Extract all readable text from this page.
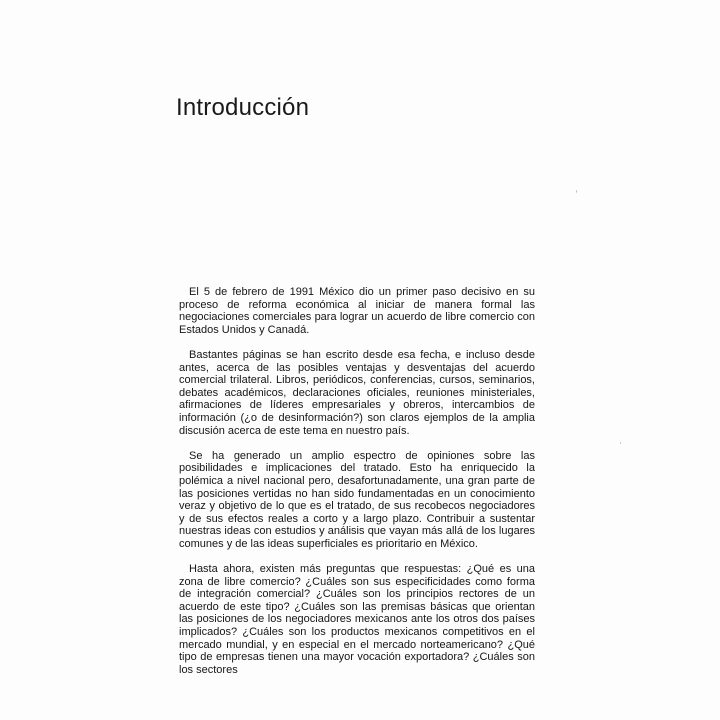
Introducción

El 5 de febrero de 1991 México dio un primer paso decisivo en su proceso de reforma económica al iniciar de manera formal las negociaciones comerciales para lograr un acuerdo de libre comercio con Estados Unidos y Canadá.

Bastantes páginas se han escrito desde esa fecha, e incluso desde antes, acerca de las posibles ventajas y desventajas del acuerdo comercial trilateral. Libros, periódicos, conferencias, cursos, seminarios, debates académicos, declaraciones oficiales, reuniones ministeriales, afirmaciones de líderes empresariales y obreros, intercambios de información (¿o de desinformación?) son claros ejemplos de la amplia discusión acerca de este tema en nuestro país.

Se ha generado un amplio espectro de opiniones sobre las posibilidades e implicaciones del tratado. Esto ha enriquecido la polémica a nivel nacional pero, desafortunadamente, una gran parte de las posiciones vertidas no han sido fundamentadas en un conocimiento veraz y objetivo de lo que es el tratado, de sus recobecos negociadores y de sus efectos reales a corto y a largo plazo. Contribuir a sustentar nuestras ideas con estudios y análisis que vayan más allá de los lugares comunes y de las ideas superficiales es prioritario en México.

Hasta ahora, existen más preguntas que respuestas: ¿Qué es una zona de libre comercio? ¿Cuáles son sus especificidades como forma de integración comercial? ¿Cuáles son los principios rectores de un acuerdo de este tipo? ¿Cuáles son las premisas básicas que orientan las posiciones de los negociadores mexicanos ante los otros dos países implicados? ¿Cuáles son los productos mexicanos competitivos en el mercado mundial, y en especial en el mercado norteamericano? ¿Qué tipo de empresas tienen una mayor vocación exportadora? ¿Cuáles son los sectores
